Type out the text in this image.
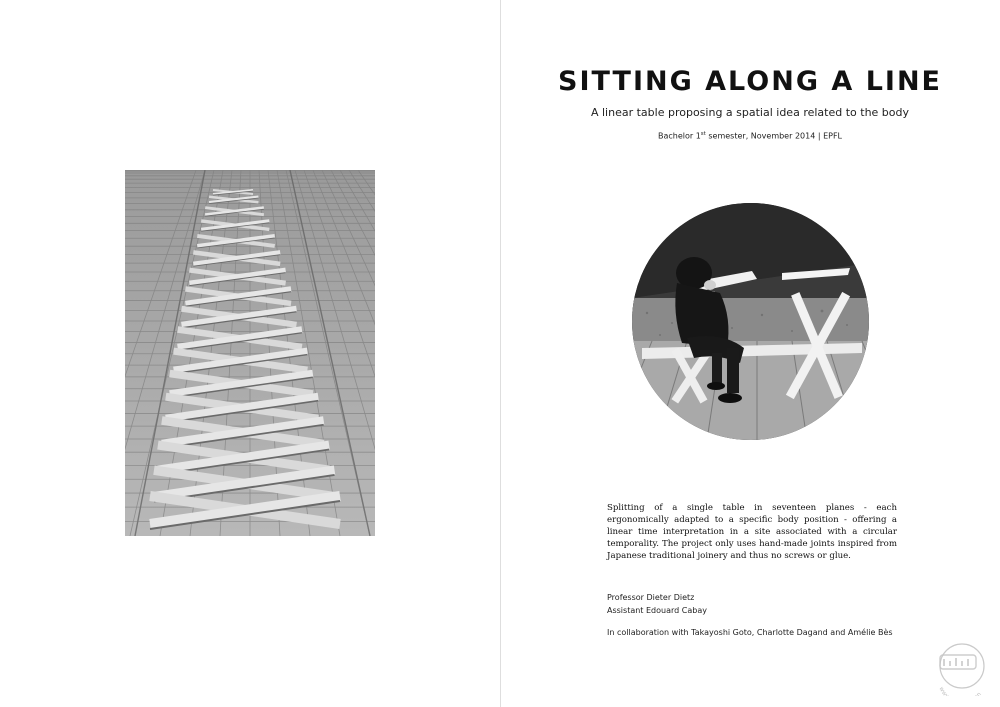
SITTING ALONG A LINE
A linear table proposing a spatial idea related to the body
Bachelor 1st semester, November 2014 | EPFL

Splitting of a single table in seventeen planes - each ergonomically adapted to a specific body position - offering a linear time interpretation in a site associated with a circular temporality. The project only uses hand-made joints inspired from Japanese traditional joinery and thus no screws or glue.

Professor Dieter Dietz
Assistant Edouard Cabay
In collaboration with Takayoshi Goto, Charlotte Dagand and Amélie Bès
ww n
